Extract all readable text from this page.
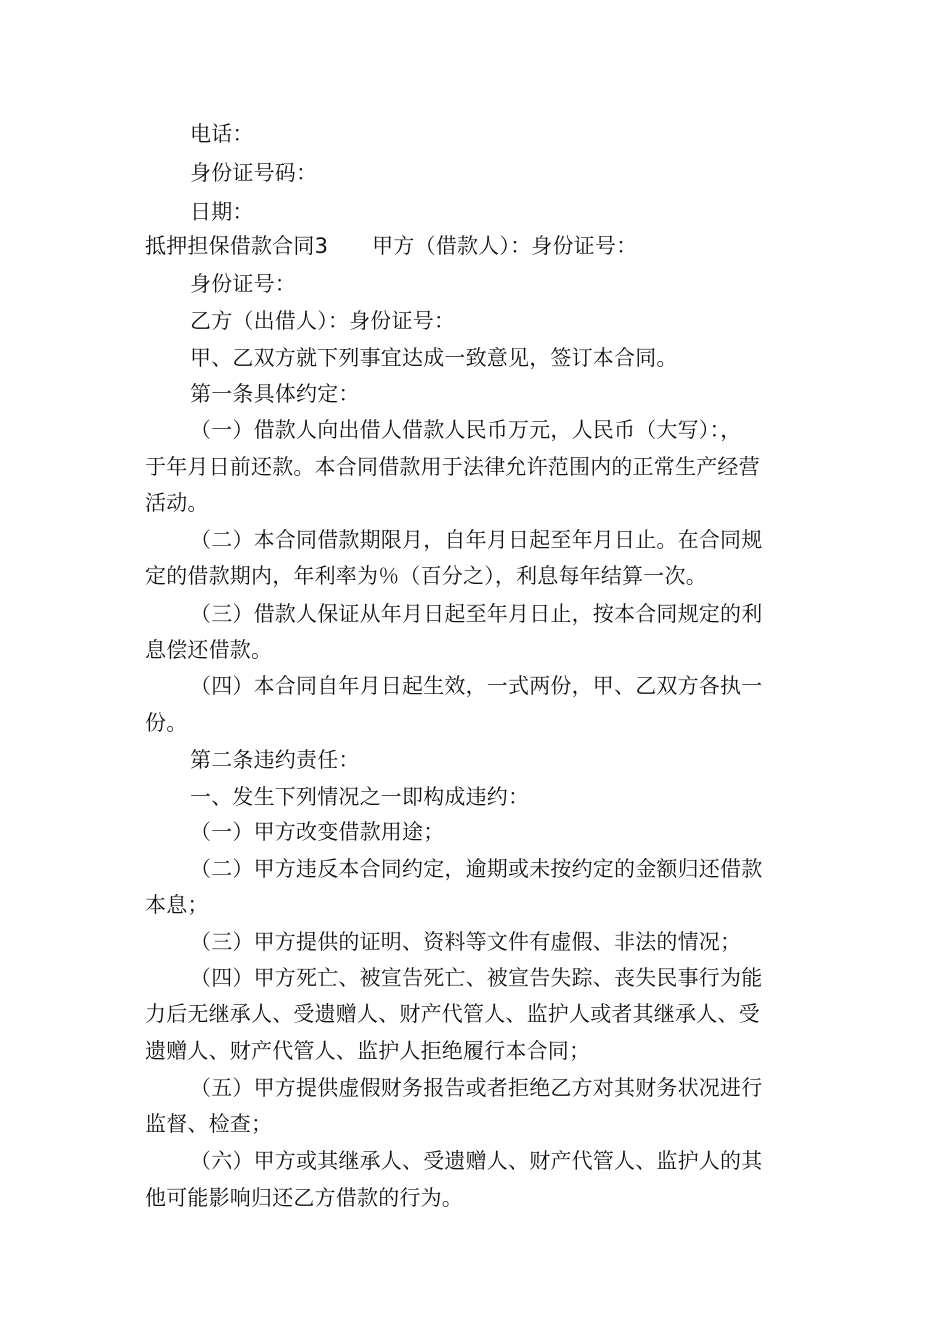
电话：
身份证号码：
日期：
抵押担保借款合同3 甲方（借款人）：身份证号：
身份证号：
乙方（出借人）：身份证号：
甲、乙双方就下列事宜达成一致意见，签订本合同。
第一条具体约定：
（一）借款人向出借人借款人民币万元，人民币（大写）：，
于年月日前还款。本合同借款用于法律允许范围内的正常生产经营
活动。
（二）本合同借款期限月，自年月日起至年月日止。在合同规
定的借款期内，年利率为％（百分之），利息每年结算一次。
（三）借款人保证从年月日起至年月日止，按本合同规定的利
息偿还借款。
（四）本合同自年月日起生效，一式两份，甲、乙双方各执一
份。
第二条违约责任：
一、发生下列情况之一即构成违约：
（一）甲方改变借款用途；
（二）甲方违反本合同约定，逾期或未按约定的金额归还借款
本息；
（三）甲方提供的证明、资料等文件有虚假、非法的情况；
（四）甲方死亡、被宣告死亡、被宣告失踪、丧失民事行为能
力后无继承人、受遗赠人、财产代管人、监护人或者其继承人、受
遗赠人、财产代管人、监护人拒绝履行本合同；
（五）甲方提供虚假财务报告或者拒绝乙方对其财务状况进行
监督、检查；
（六）甲方或其继承人、受遗赠人、财产代管人、监护人的其
他可能影响归还乙方借款的行为。
